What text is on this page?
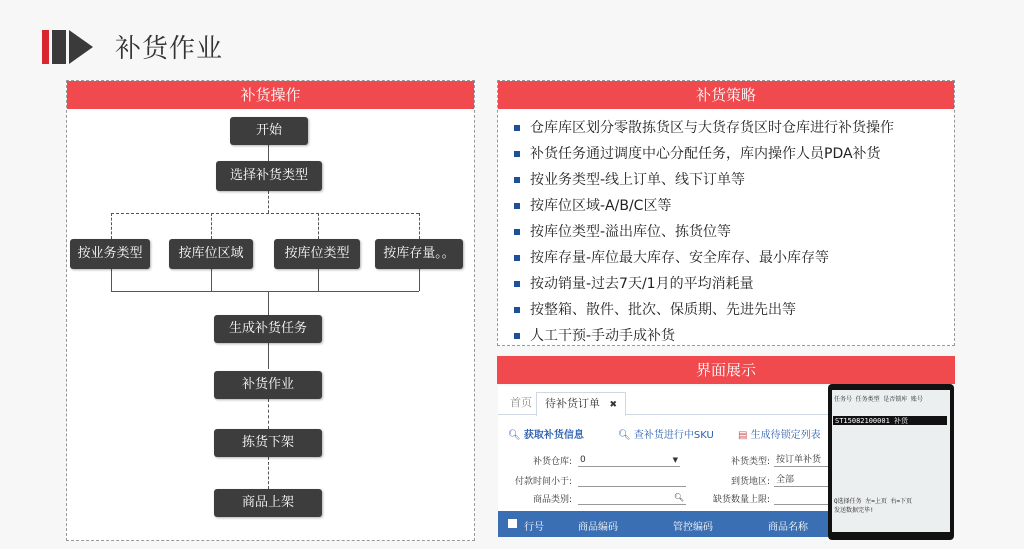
补货作业
补货操作
开始
选择补货类型
按业务类型	按库位区域	按库位类型	按库存量。。
生成补货任务
补货作业
拣货下架
商品上架
补货策略
仓库库区划分零散拣货区与大货存货区时仓库进行补货操作
补货任务通过调度中心分配任务，库内操作人员PDA补货
按业务类型-线上订单、线下订单等
按库位区域-A/B/C区等
按库位类型-溢出库位、拣货位等
按库存量-库位最大库存、安全库存、最小库存等
按动销量-过去7天/1月的平均消耗量
按整箱、散件、批次、保质期、先进先出等
人工干预-手动手成补货
界面展示
首页	待补货订单 ✖
🔍︎ 获取补货信息	🔍︎ 查补货进行中SKU ▤ 生成待锁定列表
补货仓库: 0	▼	补货类型: 按订单补货
付款时间小于:	到货地区: 全部
商品类别:	🔍︎	缺货数量上限:
行号	商品编码	管控编码	商品名称
任务号 任务类型 是否锁库 账号
ST15082100001 补货
Q选择任务 左=上页 右=下页
发送数据完毕!
